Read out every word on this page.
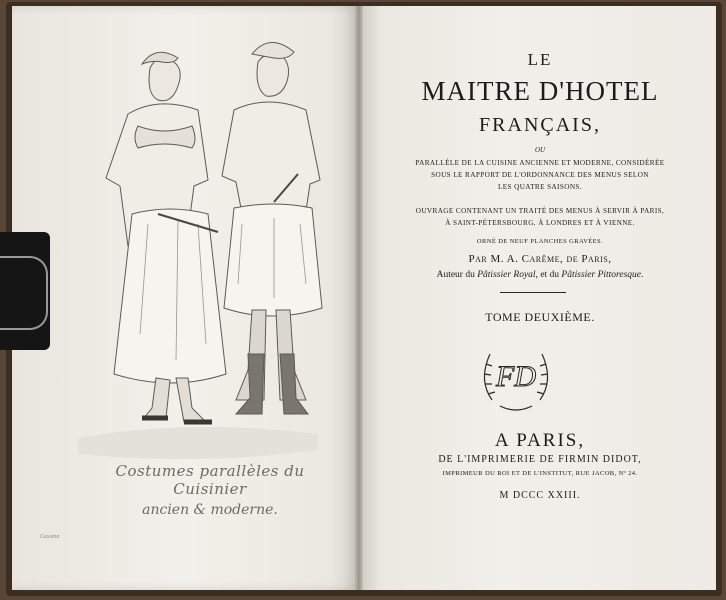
Costumes parallèles du Cuisinier
ancien & moderne.
Cassina
LE
MAITRE D'HOTEL
FRANÇAIS,
OU
PARALLÈLE DE LA CUISINE ANCIENNE ET MODERNE, CONSIDÉRÉE
SOUS LE RAPPORT DE L'ORDONNANCE DES MENUS SELON
LES QUATRE SAISONS.
OUVRAGE CONTENANT UN TRAITÉ DES MENUS À SERVIR À PARIS,
À SAINT-PÉTERSBOURG, À LONDRES ET À VIENNE.
ORNÉ DE NEUF PLANCHES GRAVÉES.
Par M. A. Carême, de Paris,
Auteur du Pâtissier Royal, et du Pâtissier Pittoresque.
TOME DEUXIÈME.
FD
A PARIS,
DE L'IMPRIMERIE DE FIRMIN DIDOT,
IMPRIMEUR DU ROI ET DE L'INSTITUT, RUE JACOB, Nº 24.
M DCCC XXIII.
